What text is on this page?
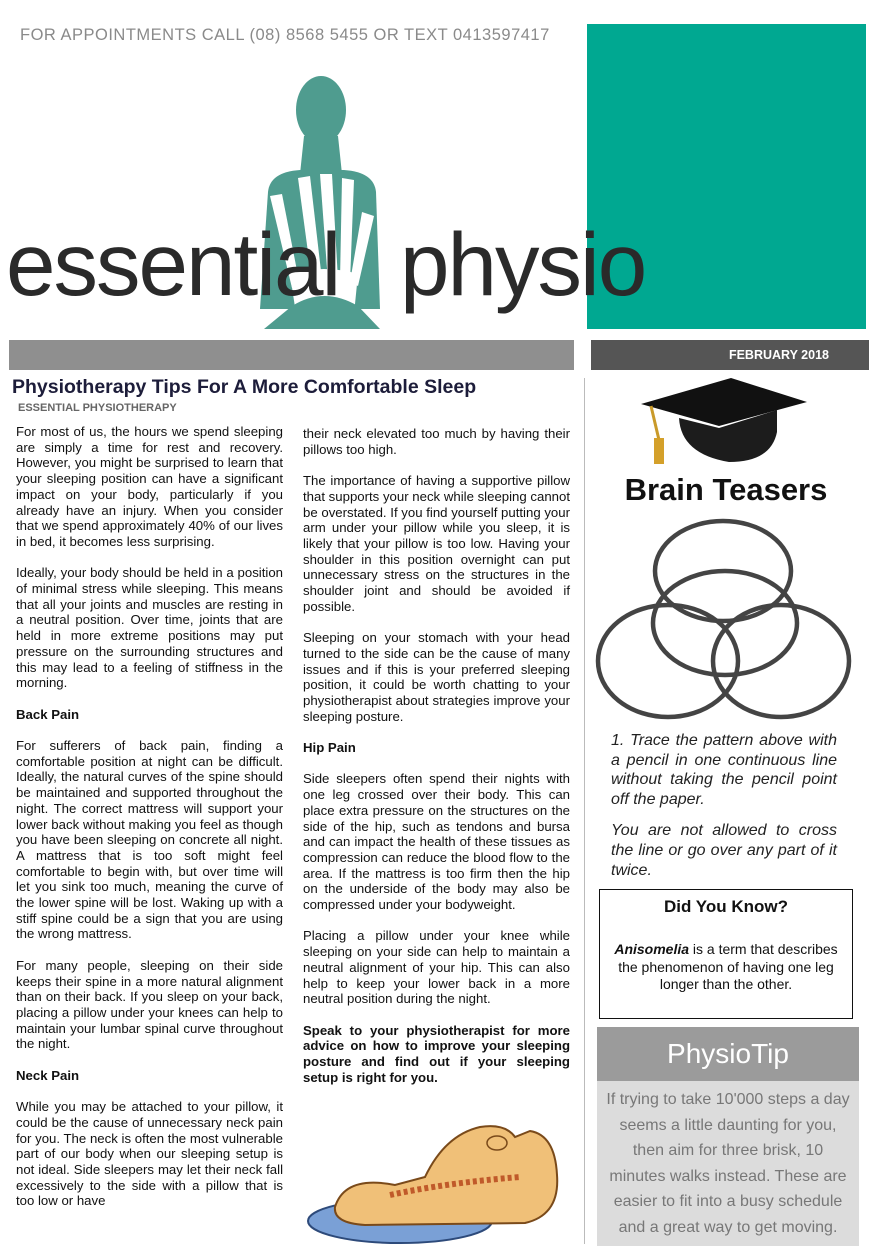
FOR APPOINTMENTS CALL (08) 8568 5455 OR TEXT 0413597417
essential physio
FEBRUARY 2018
Physiotherapy Tips For A More Comfortable Sleep
ESSENTIAL PHYSIOTHERAPY

For most of us, the hours we spend sleeping are simply a time for rest and recovery. However, you might be surprised to learn that your sleeping position can have a significant impact on your body, particularly if you already have an injury. When you consider that we spend approximately 40% of our lives in bed, it becomes less surprising.

Ideally, your body should be held in a position of minimal stress while sleeping. This means that all your joints and muscles are resting in a neutral position. Over time, joints that are held in more extreme positions may put pressure on the surrounding structures and this may lead to a feeling of stiffness in the morning.

Back Pain

For sufferers of back pain, finding a comfortable position at night can be difficult. Ideally, the natural curves of the spine should be maintained and supported throughout the night. The correct mattress will support your lower back without making you feel as though you have been sleeping on concrete all night. A mattress that is too soft might feel comfortable to begin with, but over time will let you sink too much, meaning the curve of the lower spine will be lost. Waking up with a stiff spine could be a sign that you are using the wrong mattress.

For many people, sleeping on their side keeps their spine in a more natural alignment than on their back. If you sleep on your back, placing a pillow under your knees can help to maintain your lumbar spinal curve throughout the night.

Neck Pain

While you may be attached to your pillow, it could be the cause of unnecessary neck pain for you. The neck is often the most vulnerable part of our body when our sleeping setup is not ideal. Side sleepers may let their neck fall excessively to the side with a pillow that is too low or have

their neck elevated too much by having their pillows too high.

The importance of having a supportive pillow that supports your neck while sleeping cannot be overstated. If you find yourself putting your arm under your pillow while you sleep, it is likely that your pillow is too low. Having your shoulder in this position overnight can put unnecessary stress on the structures in the shoulder joint and should be avoided if possible.

Sleeping on your stomach with your head turned to the side can be the cause of many issues and if this is your preferred sleeping position, it could be worth chatting to your physiotherapist about strategies improve your sleeping posture.

Hip Pain

Side sleepers often spend their nights with one leg crossed over their body. This can place extra pressure on the structures on the side of the hip, such as tendons and bursa and can impact the health of these tissues as compression can reduce the blood flow to the area. If the mattress is too firm then the hip on the underside of the body may also be compressed under your bodyweight.

Placing a pillow under your knee while sleeping on your side can help to maintain a neutral alignment of your hip. This can also help to keep your lower back in a more neutral position during the night.

Speak to your physiotherapist for more advice on how to improve your sleeping posture and find out if your sleeping setup is right for you.

Brain Teasers

1. Trace the pattern above with a pencil in one continuous line without taking the pencil point off the paper.

You are not allowed to cross the line or go over any part of it twice.

Did You Know?
Anisomelia is a term that describes the phenomenon of having one leg longer than the other.
PhysioTip
If trying to take 10'000 steps a day seems a little daunting for you, then aim for three brisk, 10 minutes walks instead. These are easier to fit into a busy schedule and a great way to get moving.
